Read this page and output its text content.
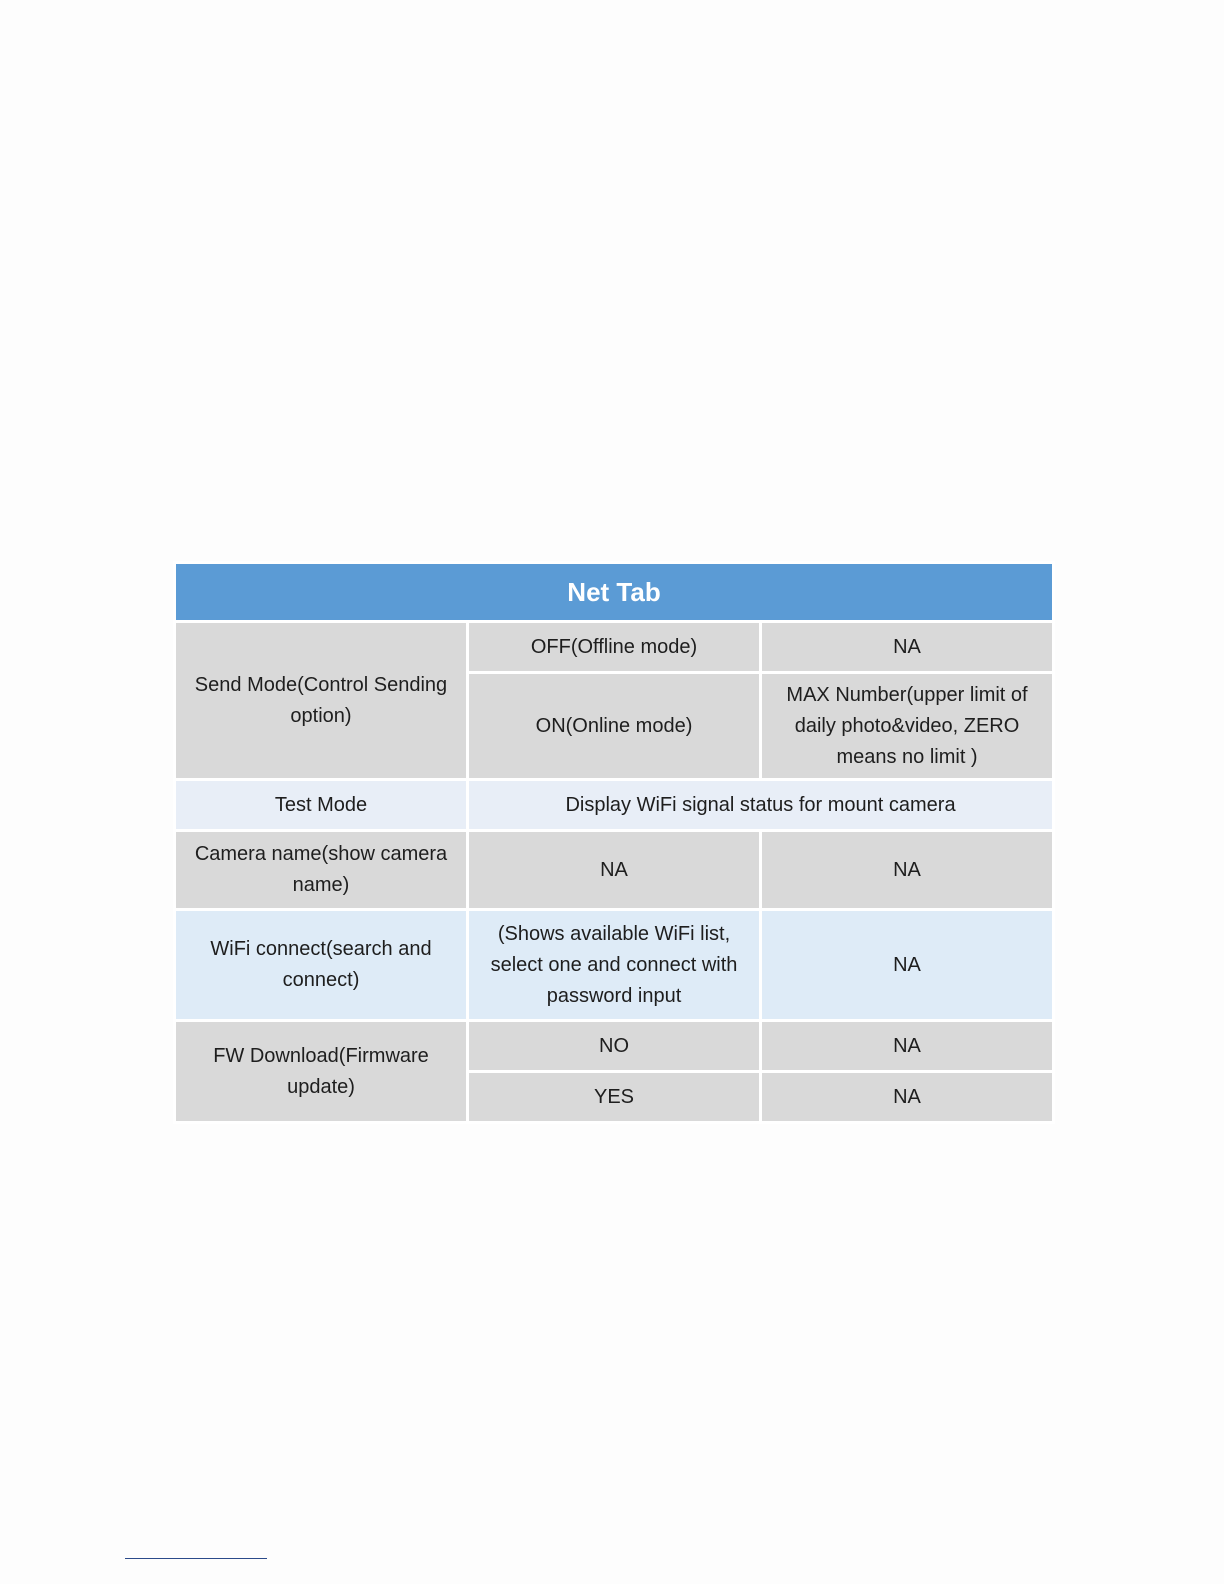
Net Tab		
Send Mode(Control Sending option)	OFF(Offline mode)	NA
	ON(Online mode)	MAX Number(upper limit of daily photo&video, ZERO means no limit )
Test Mode	Display WiFi signal status for mount camera	
Camera name(show camera name)	NA	NA
WiFi connect(search and connect)	(Shows available WiFi list, select one and connect with password input	NA
FW Download(Firmware update)	NO	NA
	YES	NA
